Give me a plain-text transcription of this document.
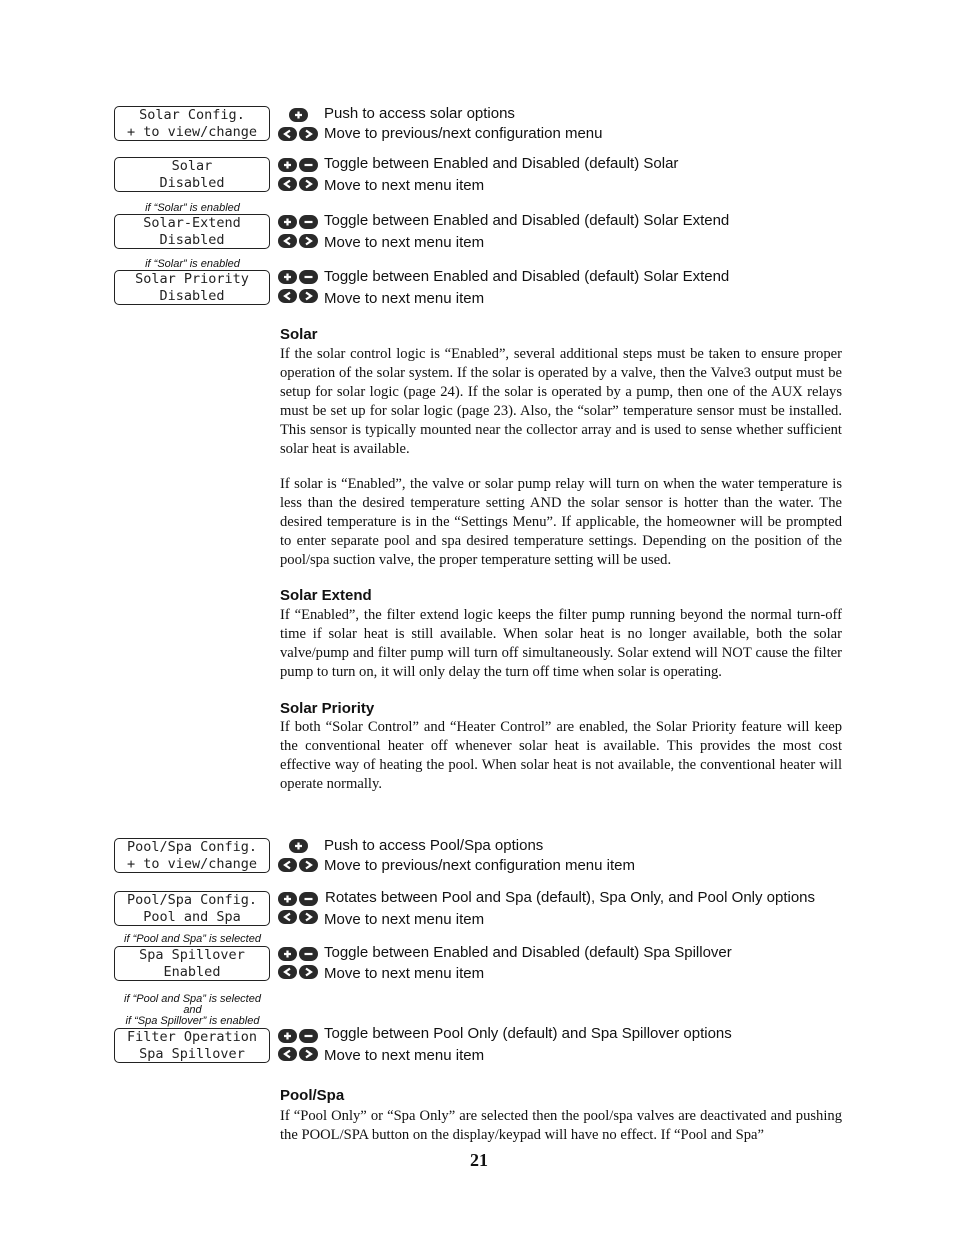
Solar Config.
+ to view/change
Push to access solar options
Move to previous/next configuration menu
Solar
Disabled
Toggle between Enabled and Disabled (default) Solar
Move to next menu item
if “Solar” is enabled
Solar-Extend
Disabled
Toggle between Enabled and Disabled (default) Solar Extend
Move to next menu item
if “Solar” is enabled
Solar Priority
Disabled
Toggle between Enabled and Disabled (default) Solar Extend
Move to next menu item
Solar
If the solar control logic is “Enabled”, several additional steps must be taken to ensure proper operation of the solar system. If the solar is operated by a valve, then the Valve3 output must be setup for solar logic (page 24). If the solar is operated by a pump, then one of the AUX relays must be set up for solar logic (page 23). Also, the “solar” temperature sensor must be installed. This sensor is typically mounted near the collector array and is used to sense whether sufficient solar heat is available.
If solar is “Enabled”, the valve or solar pump relay will turn on when the water temperature is less than the desired temperature setting AND the solar sensor is hotter than the water. The desired temperature is in the “Settings Menu”. If applicable, the homeowner will be prompted to enter separate pool and spa desired temperature settings. Depending on the position of the pool/spa suction valve, the proper temperature setting will be used.
Solar Extend
If “Enabled”, the filter extend logic keeps the filter pump running beyond the normal turn-off time if solar heat is still available. When solar heat is no longer available, both the solar valve/pump and filter pump will turn off simultaneously. Solar extend will NOT cause the filter pump to turn on, it will only delay the turn off time when solar is operating.
Solar Priority
If both “Solar Control” and “Heater Control” are enabled, the Solar Priority feature will keep the conventional heater off whenever solar heat is available. This provides the most cost effective way of heating the pool. When solar heat is not available, the conventional heater will operate normally.
Pool/Spa Config.
+ to view/change
Push to access Pool/Spa options
Move to previous/next configuration menu item
Pool/Spa Config.
Pool and Spa
Rotates between Pool and Spa (default), Spa Only, and Pool Only options
Move to next menu item
if “Pool and Spa” is selected
Spa Spillover
Enabled
Toggle between Enabled and Disabled (default) Spa Spillover
Move to next menu item
if “Pool and Spa” is selected
and
if “Spa Spillover” is enabled
Filter Operation
Spa Spillover
Toggle between Pool Only (default) and Spa Spillover options
Move to next menu item
Pool/Spa
If “Pool Only” or “Spa Only” are selected then the pool/spa valves are deactivated and pushing the POOL/SPA button on the display/keypad will have no effect. If “Pool and Spa”
21
